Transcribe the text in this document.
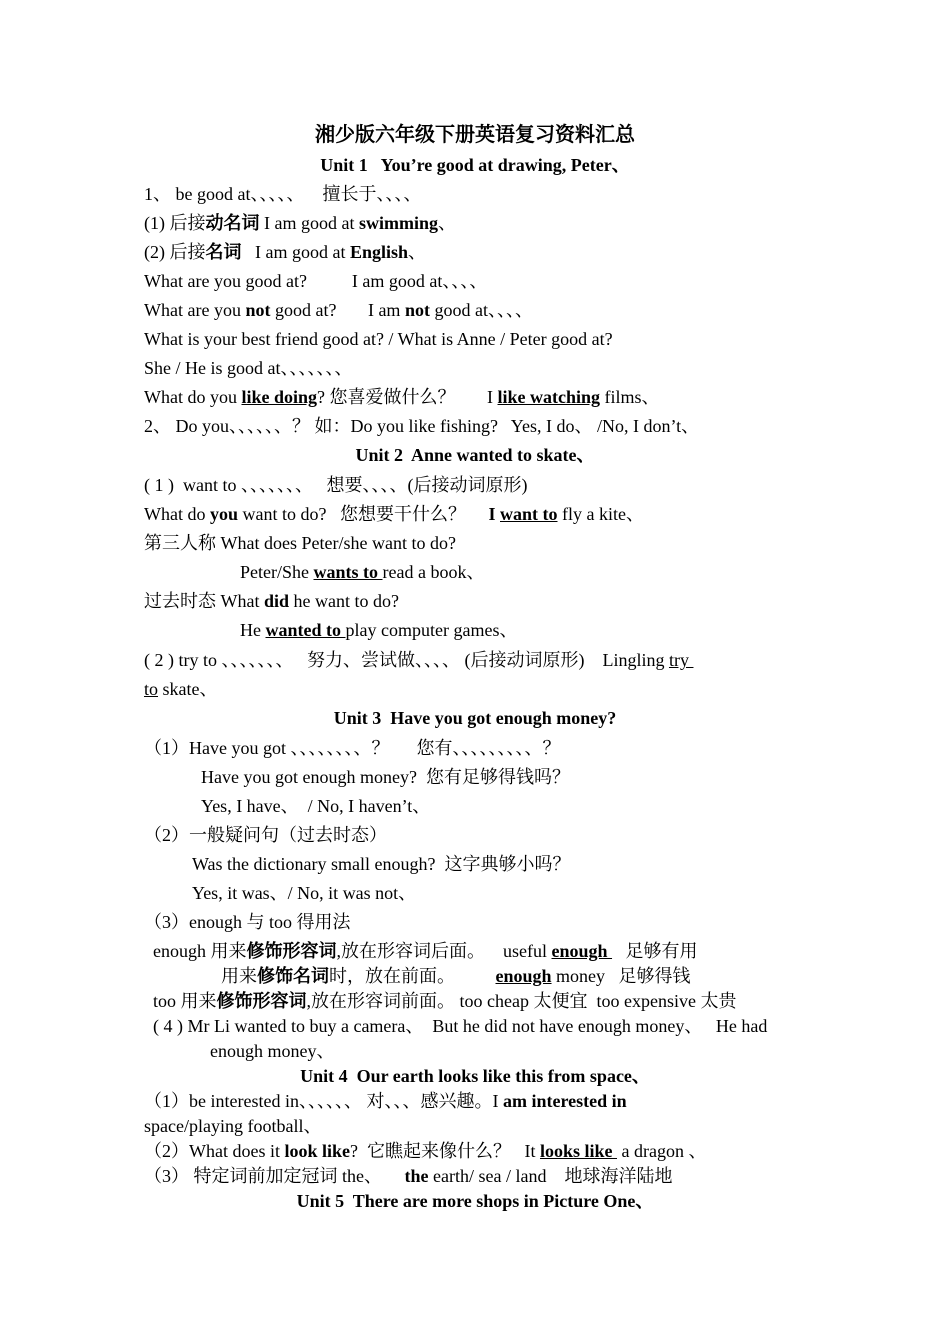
湘少版六年级下册英语复习资料汇总
Unit 1   You’re good at drawing, Peter、
1、 be good at、、、、、    擅长于、、、、
(1) 后接动名词 I am good at swimming、
(2) 后接名词   I am good at English、
What are you good at?          I am good at、、、、
What are you not good at?       I am not good at、、、、
What is your best friend good at? / What is Anne / Peter good at?
She / He is good at、、、、、、、
What do you like doing? 您喜爱做什么？       I like watching films、
2、 Do you、、、、、、？ 如：Do you like fishing?   Yes, I do、 /No, I don’t、
Unit 2  Anne wanted to skate、
( 1 )  want to 、、、、、、、   想要、、、、(后接动词原形)
What do you want to do?   您想要干什么？     I want to fly a kite、
第三人称 What does Peter/she want to do?
Peter/She wants to read a book、
过去时态 What did he want to do?
He wanted to play computer games、
( 2 ) try to 、、、、、、、   努力、尝试做、、、、 (后接动词原形)    Lingling try
to skate、
Unit 3  Have you got enough money?
（1）Have you got 、、、、、、、、？      您有、、、、、、、、、？
Have you got enough money?  您有足够得钱吗？
Yes, I have、  / No, I haven’t、
（2）一般疑问句（过去时态）
Was the dictionary small enough?  这字典够小吗？
Yes, it was、/ No, it was not、
（3）enough 与 too 得用法
enough 用来修饰形容词,放在形容词后面。    useful enough    足够有用
用来修饰名词时，放在前面。         enough money   足够得钱
too 用来修饰形容词,放在形容词前面。 too cheap 太便宜  too expensive 太贵
( 4 ) Mr Li wanted to buy a camera、  But he did not have enough money、   He had
enough money、
Unit 4  Our earth looks like this from space、
（1）be interested in、、、、、、 对、、、感兴趣。I am interested in
space/playing football、
（2）What does it look like?  它瞧起来像什么？   It looks like  a dragon 、
（3） 特定词前加定冠词 the、     the earth/ sea / land    地球海洋陆地
Unit 5  There are more shops in Picture One、
